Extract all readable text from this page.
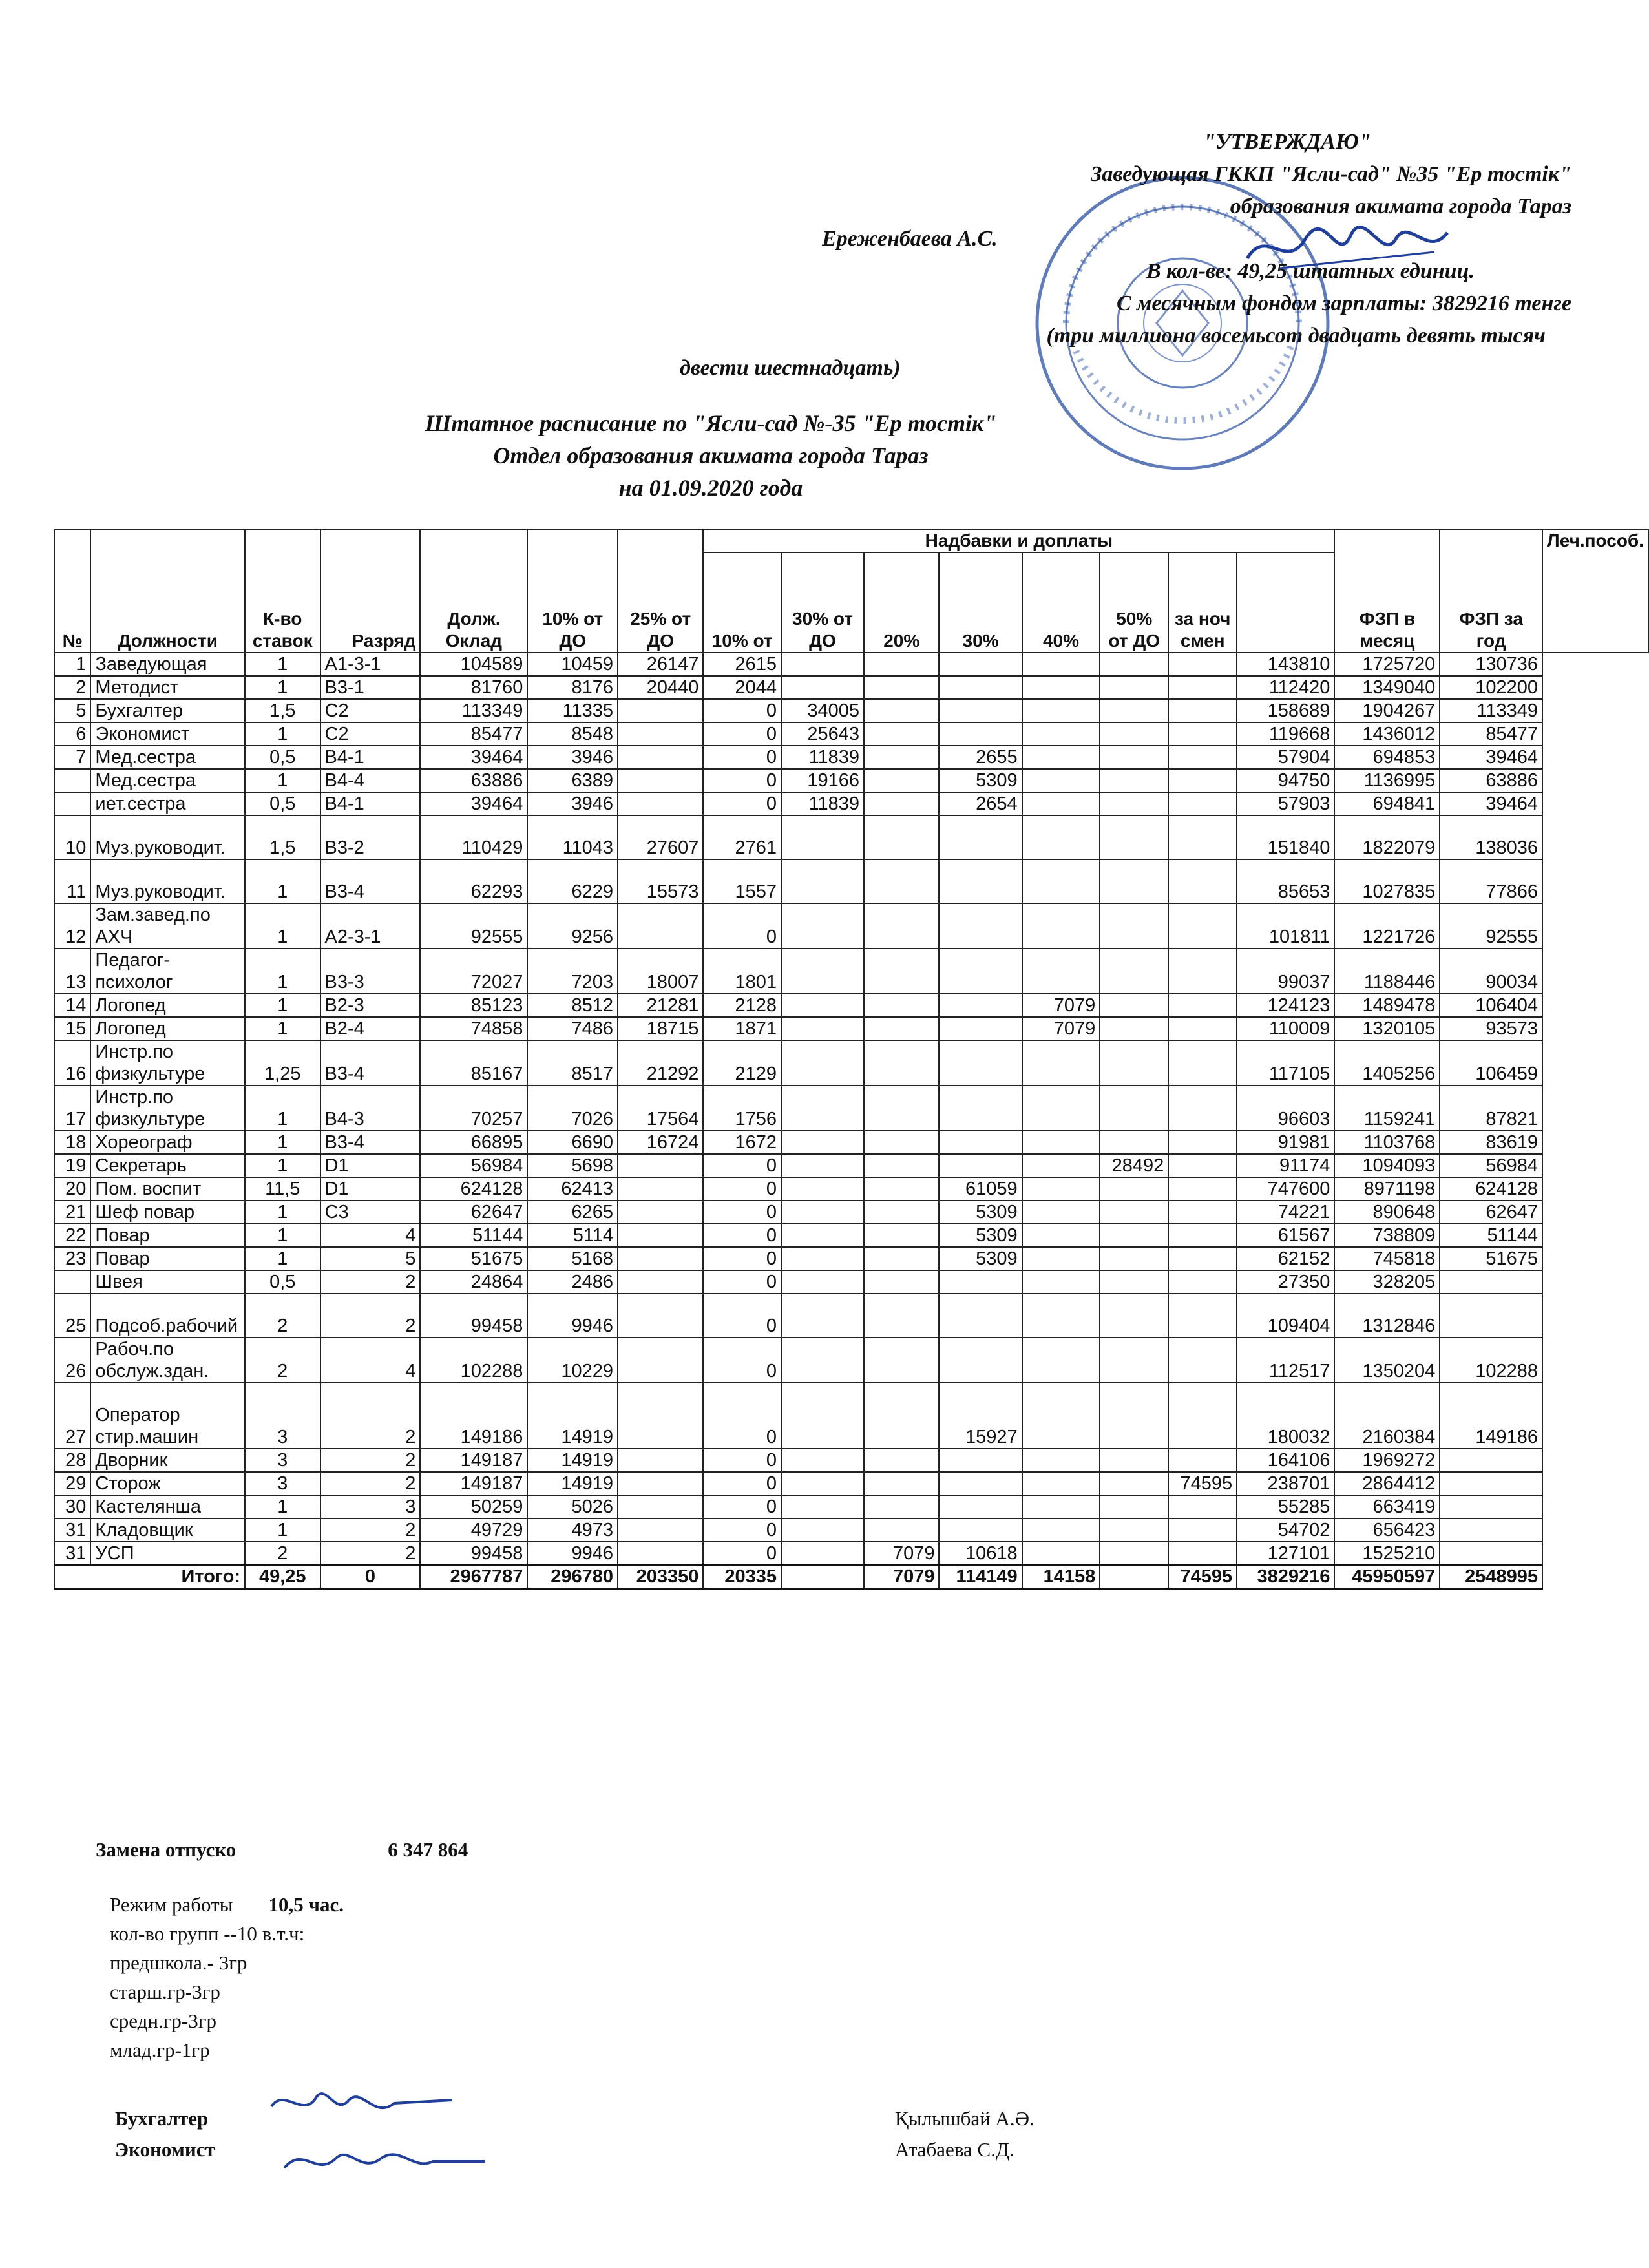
"УТВЕРЖДАЮ"
Заведующая ГККП "Ясли-сад" №35 "Ер тостік"
образования акимата города Тараз
Ереженбаева А.С.
В кол-ве: 49,25 штатных единиц.
С месячным фондом зарплаты: 3829216 тенге
(три миллиона восемьсот двадцать девять тысяч
двести шестнадцать)
Штатное расписание по "Ясли-сад №-35 "Ер тостік"
Отдел образования акимата города Тараз
на 01.09.2020 года
№	Должности	К-во ставок	Разряд	Долж. Оклад	10% от ДО	25% от ДО	Надбавки и доплаты								ФЗП в месяц	ФЗП за год	Леч.пособ.
							10% от	30% от ДО	20%	30%	40%	50% от ДО	за ноч смен				
1	Заведующая	1	А1-3-1	104589	10459	26147	2615							143810	1725720	130736	
2	Методист	1	В3-1	81760	8176	20440	2044							112420	1349040	102200	
5	Бухгалтер	1,5	С2	113349	11335		0	34005						158689	1904267	113349	
6	Экономист	1	С2	85477	8548		0	25643						119668	1436012	85477	
7	Мед.сестра	0,5	В4-1	39464	3946		0	11839		2655				57904	694853	39464	
	Мед.сестра	1	В4-4	63886	6389		0	19166		5309				94750	1136995	63886	
	иет.сестра	0,5	В4-1	39464	3946		0	11839		2654				57903	694841	39464	
10	Муз.руководит.	1,5	В3-2	110429	11043	27607	2761							151840	1822079	138036	
11	Муз.руководит.	1	В3-4	62293	6229	15573	1557							85653	1027835	77866	
12	Зам.завед.по АХЧ	1	А2-3-1	92555	9256		0							101811	1221726	92555	
13	Педагог-психолог	1	В3-3	72027	7203	18007	1801							99037	1188446	90034	
14	Логопед	1	В2-3	85123	8512	21281	2128				7079			124123	1489478	106404	
15	Логопед	1	В2-4	74858	7486	18715	1871				7079			110009	1320105	93573	
16	Инстр.по физкультуре	1,25	В3-4	85167	8517	21292	2129							117105	1405256	106459	
17	Инстр.по физкультуре	1	В4-3	70257	7026	17564	1756							96603	1159241	87821	
18	Хореограф	1	В3-4	66895	6690	16724	1672							91981	1103768	83619	
19	Секретарь	1	D1	56984	5698		0					28492		91174	1094093	56984	
20	Пом. воспит	11,5	D1	624128	62413		0			61059				747600	8971198	624128	
21	Шеф повар	1	С3	62647	6265		0			5309				74221	890648	62647	
22	Повар	1	4	51144	5114		0			5309				61567	738809	51144	
23	Повар	1	5	51675	5168		0			5309				62152	745818	51675	
	Швея	0,5	2	24864	2486		0							27350	328205		
25	Подсоб.рабочий	2	2	99458	9946		0							109404	1312846		
26	Рабоч.по обслуж.здан.	2	4	102288	10229		0							112517	1350204	102288	
27	Оператор стир.машин	3	2	149186	14919		0			15927				180032	2160384	149186	
28	Дворник	3	2	149187	14919		0							164106	1969272		
29	Сторож	3	2	149187	14919		0						74595	238701	2864412		
30	Кастелянша	1	3	50259	5026		0							55285	663419		
31	Кладовщик	1	2	49729	4973		0							54702	656423		
31	УСП	2	2	99458	9946		0		7079	10618				127101	1525210		
Итого:		49,25	0	2967787	296780	203350	20335		7079	114149	14158		74595	3829216	45950597	2548995	
Замена отпуско	6 347 864
Режим работы 10,5 час.
кол-во групп --10 в.т.ч:
предшкола.- 3гр
старш.гр-3гр
средн.гр-3гр
млад.гр-1гр
Бухгалтер
Экономист
Қылышбай А.Ә.
Атабаева С.Д.
